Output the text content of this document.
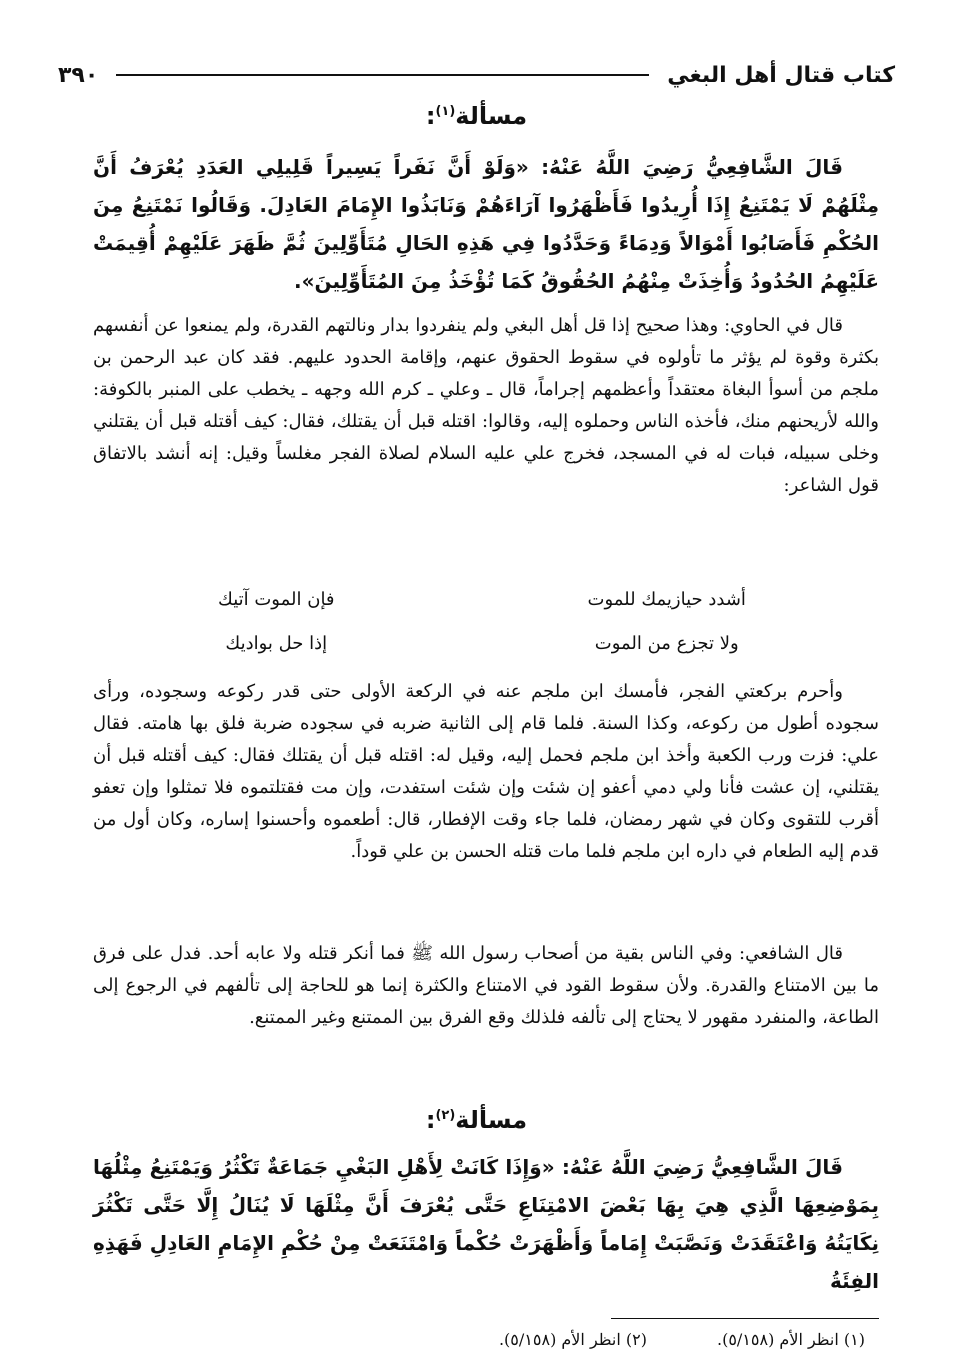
كتاب قتال أهل البغي
٣٩٠
مسألة$^{(١)}$:

قَالَ الشَّافِعِيُّ رَضِيَ اللَّهُ عَنْهُ: «وَلَوْ أَنَّ نَفَراً يَسِيراً قَلِيلِي العَدَدِ يُعْرَفُ أَنَّ مِثْلَهُمْ لَا يَمْتَنِعُ إِذَا أُرِيدُوا فَأَظْهَرُوا آرَاءَهُمْ وَنَابَذُوا الإِمَامَ العَادِلَ. وَقَالُوا نَمْتَنِعُ مِنَ الحُكْمِ فَأَصَابُوا أَمْوَالاً وَدِمَاءً وَحَدَّدُوا فِي هَذِهِ الحَالِ مُتَأَوِّلِينَ ثُمَّ ظَهَرَ عَلَيْهِمْ أُقِيمَتْ عَلَيْهِمُ الحُدُودُ وَأُخِذَتْ مِنْهُمُ الحُقُوقُ كَمَا تُؤْخَذُ مِنَ المُتَأَوِّلِينَ».

قال في الحاوي: وهذا صحيح إذا قل أهل البغي ولم ينفردوا بدار ونالتهم القدرة، ولم يمنعوا عن أنفسهم بكثرة وقوة لم يؤثر ما تأولوه في سقوط الحقوق عنهم، وإقامة الحدود عليهم. فقد كان عبد الرحمن بن ملجم من أسوأ البغاة معتقداً وأعظمهم إجراماً، قال ـ وعلي ـ كرم الله وجهه ـ يخطب على المنبر بالكوفة: والله لأريحنهم منك، فأخذه الناس وحملوه إليه، وقالوا: اقتله قبل أن يقتلك، فقال: كيف أقتله قبل أن يقتلني وخلى سبيله، فبات له في المسجد، فخرج علي عليه السلام لصلاة الفجر مغلساً وقيل: إنه أنشد بالاتفاق قول الشاعر:

أشدد حيازيمك للموت
فإن الموت آتيك
ولا تجزع من الموت
إذا حل بواديك

وأحرم بركعتي الفجر، فأمسك ابن ملجم عنه في الركعة الأولى حتى قدر ركوعه وسجوده، ورأى سجوده أطول من ركوعه، وكذا السنة. فلما قام إلى الثانية ضربه في سجوده ضربة فلق بها هامته. فقال علي: فزت ورب الكعبة وأخذ ابن ملجم فحمل إليه، وقيل له: اقتله قبل أن يقتلك فقال: كيف أقتله قبل أن يقتلني، إن عشت فأنا ولي دمي أعفو إن شئت وإن شئت استفدت، وإن مت فقتلتموه فلا تمثلوا وإن تعفو أقرب للتقوى وكان في شهر رمضان، فلما جاء وقت الإفطار، قال: أطعموه وأحسنوا إساره، وكان أول من قدم إليه الطعام في داره ابن ملجم فلما مات قتله الحسن بن علي قوداً.

قال الشافعي: وفي الناس بقية من أصحاب رسول الله ﷺ فما أنكر قتله ولا عابه أحد. فدل على فرق ما بين الامتناع والقدرة. ولأن سقوط القود في الامتناع والكثرة إنما هو للحاجة إلى تألفهم في الرجوع إلى الطاعة، والمنفرد مقهور لا يحتاج إلى تألفه فلذلك وقع الفرق بين الممتنع وغير الممتنع.

مسألة$^{(٢)}$:

قَالَ الشَّافِعِيُّ رَضِيَ اللَّهُ عَنْهُ: «وَإِذَا كَانَتْ لِأَهْلِ البَغْيِ جَمَاعَةٌ تَكْثُرُ وَيَمْتَنِعُ مِثْلُهَا بِمَوْضِعِهَا الَّذِي هِيَ بِهَا بَعْضَ الامْتِنَاعِ حَتَّى يُعْرَفَ أَنَّ مِثْلَهَا لَا يُنَالُ إِلَّا حَتَّى تَكْثُرَ نِكَايَتُهُ وَاعْتَقَدَتْ وَنَصَّبَتْ إِمَاماً وَأَظْهَرَتْ حُكْماً وَامْتَنَعَتْ مِنْ حُكْمِ الإِمَامِ العَادِلِ فَهَذِهِ الفِئَةُ

(١) انظر الأم (٥/١٥٨).
(٢) انظر الأم (٥/١٥٨).
